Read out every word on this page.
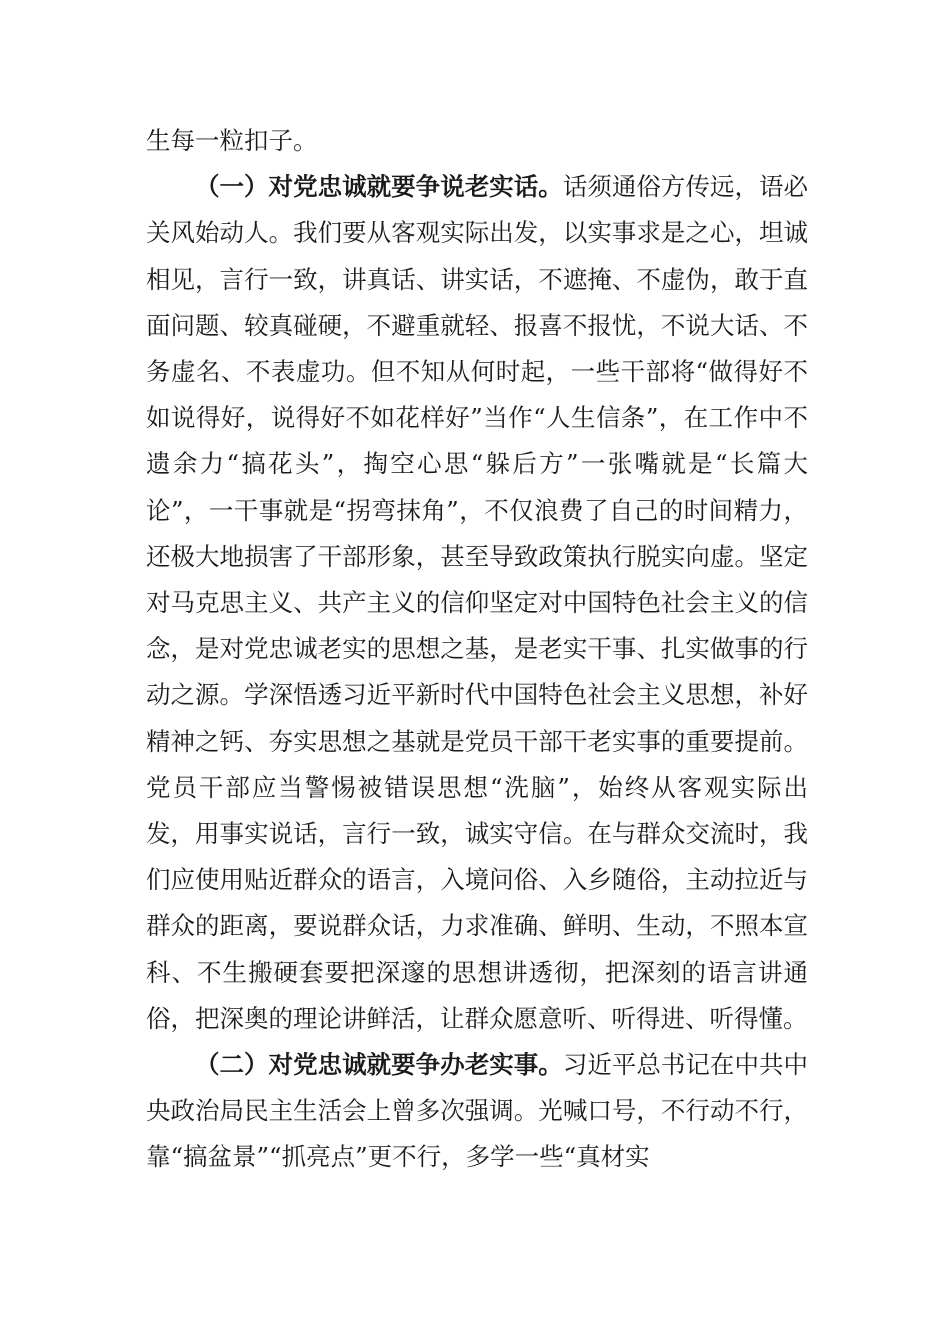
生每一粒扣子。

（一）对党忠诚就要争说老实话。话须通俗方传远，语必关风始动人。我们要从客观实际出发，以实事求是之心，坦诚相见，言行一致，讲真话、讲实话，不遮掩、不虚伪，敢于直面问题、较真碰硬，不避重就轻、报喜不报忧，不说大话、不务虚名、不表虚功。但不知从何时起，一些干部将“做得好不如说得好，说得好不如花样好”当作“人生信条”，在工作中不遗余力“搞花头”，掏空心思“躲后方”一张嘴就是“长篇大论”，一干事就是“拐弯抹角”，不仅浪费了自己的时间精力，还极大地损害了干部形象，甚至导致政策执行脱实向虚。坚定对马克思主义、共产主义的信仰坚定对中国特色社会主义的信念，是对党忠诚老实的思想之基，是老实干事、扎实做事的行动之源。学深悟透习近平新时代中国特色社会主义思想，补好精神之钙、夯实思想之基就是党员干部干老实事的重要提前。党员干部应当警惕被错误思想“洗脑”，始终从客观实际出发，用事实说话，言行一致，诚实守信。在与群众交流时，我们应使用贴近群众的语言，入境问俗、入乡随俗，主动拉近与群众的距离，要说群众话，力求准确、鲜明、生动，不照本宣科、不生搬硬套要把深邃的思想讲透彻，把深刻的语言讲通俗，把深奥的理论讲鲜活，让群众愿意听、听得进、听得懂。

（二）对党忠诚就要争办老实事。习近平总书记在中共中央政治局民主生活会上曾多次强调。光喊口号，不行动不行，靠“搞盆景”“抓亮点”更不行，多学一些“真材实
